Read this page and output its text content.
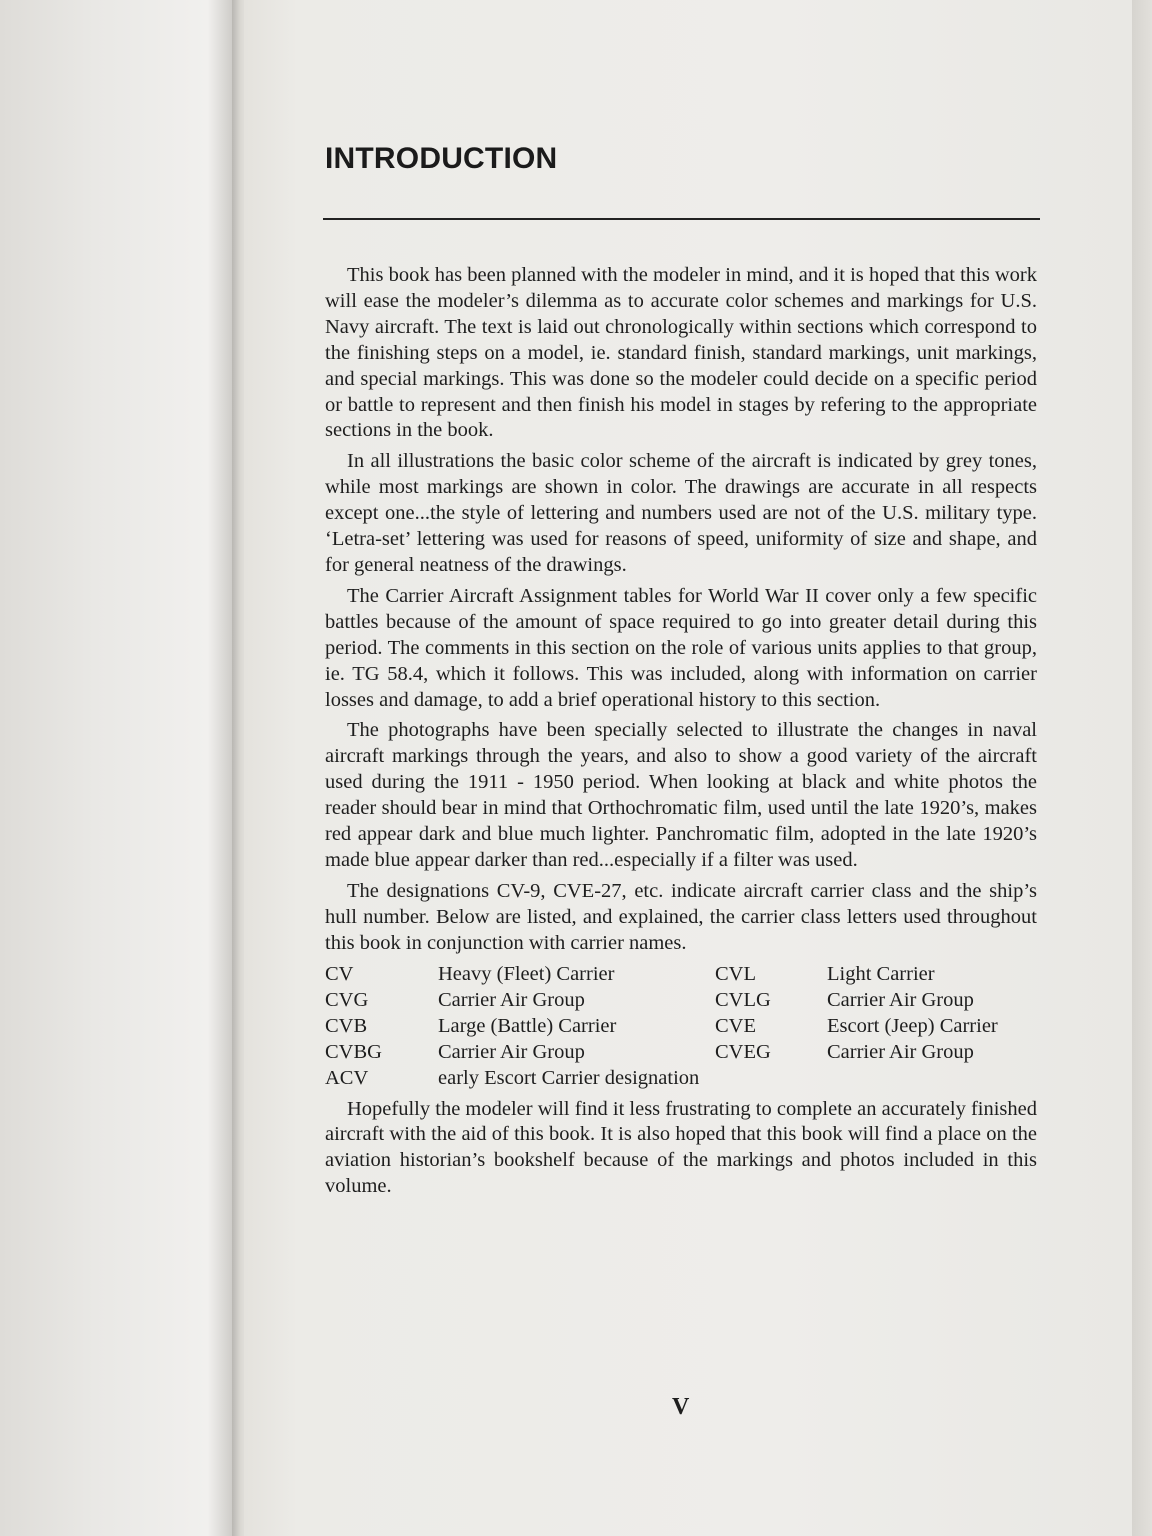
INTRODUCTION

This book has been planned with the modeler in mind, and it is hoped that this work will ease the modeler’s dilemma as to accurate color schemes and markings for U.S. Navy aircraft. The text is laid out chronologically within sections which correspond to the finishing steps on a model, ie. standard finish, standard markings, unit markings, and special markings. This was done so the modeler could decide on a specific period or battle to represent and then finish his model in stages by refering to the appropriate sections in the book.

In all illustrations the basic color scheme of the aircraft is indicated by grey tones, while most markings are shown in color. The drawings are accurate in all respects except one...the style of lettering and numbers used are not of the U.S. military type. ‘Letra-set’ lettering was used for reasons of speed, uniformity of size and shape, and for general neatness of the drawings.

The Carrier Aircraft Assignment tables for World War II cover only a few specific battles because of the amount of space required to go into greater detail during this period. The comments in this section on the role of various units applies to that group, ie. TG 58.4, which it follows. This was included, along with information on carrier losses and damage, to add a brief operational history to this section.

The photographs have been specially selected to illustrate the changes in naval aircraft markings through the years, and also to show a good variety of the aircraft used during the 1911 - 1950 period. When looking at black and white photos the reader should bear in mind that Orthochromatic film, used until the late 1920’s, makes red appear dark and blue much lighter. Panchromatic film, adopted in the late 1920’s made blue appear darker than red...especially if a filter was used.

The designations CV-9, CVE-27, etc. indicate aircraft carrier class and the ship’s hull number. Below are listed, and explained, the carrier class letters used throughout this book in conjunction with carrier names.

CV	Heavy (Fleet) Carrier	CVL	Light Carrier
CVG	Carrier Air Group	CVLG	Carrier Air Group
CVB	Large (Battle) Carrier	CVE	Escort (Jeep) Carrier
CVBG	Carrier Air Group	CVEG	Carrier Air Group
ACV	early Escort Carrier designation

Hopefully the modeler will find it less frustrating to complete an accurately finished aircraft with the aid of this book. It is also hoped that this book will find a place on the aviation historian’s bookshelf because of the markings and photos included in this volume.

V
